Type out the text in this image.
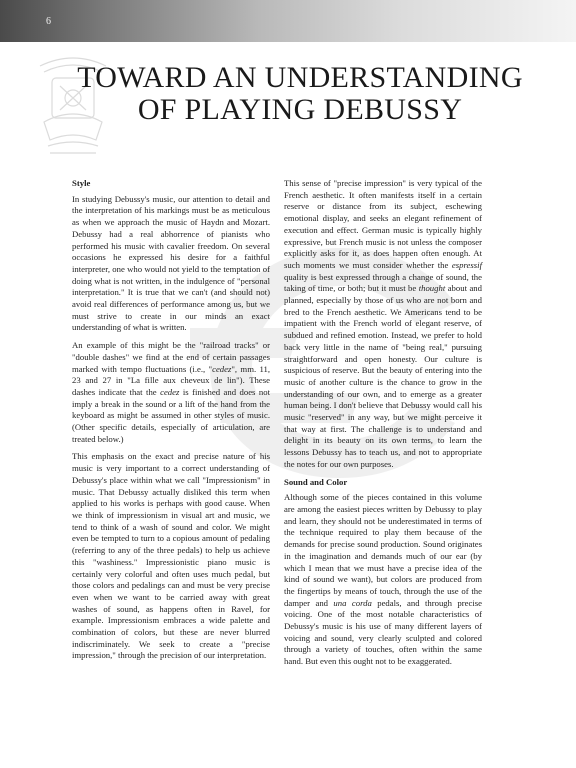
6
TOWARD AN UNDERSTANDING
OF PLAYING DEBUSSY
Style

In studying Debussy's music, our attention to detail and the interpretation of his markings must be as meticulous as when we approach the music of Haydn and Mozart. Debussy had a real abhorrence of pianists who performed his music with cavalier freedom. On several occasions he expressed his desire for a faithful interpreter, one who would not yield to the temptation of doing what is not written, in the indulgence of "personal interpretation." It is true that we can't (and should not) avoid real differences of performance among us, but we must strive to create in our minds an exact understanding of what is written.

An example of this might be the "railroad tracks" or "double dashes" we find at the end of certain passages marked with tempo fluctuations (i.e., "cedez", mm. 11, 23 and 27 in "La fille aux cheveux de lin"). These dashes indicate that the cedez is finished and does not imply a break in the sound or a lift of the hand from the keyboard as might be assumed in other styles of music. (Other specific details, especially of articulation, are treated below.)

This emphasis on the exact and precise nature of his music is very important to a correct understanding of Debussy's place within what we call "Impressionism" in music. That Debussy actually disliked this term when applied to his works is perhaps with good cause. When we think of impressionism in visual art and music, we tend to think of a wash of sound and color. We might even be tempted to turn to a copious amount of pedaling (referring to any of the three pedals) to help us achieve this "washiness." Impressionistic piano music is certainly very colorful and often uses much pedal, but those colors and pedalings can and must be very precise even when we want to be carried away with great washes of sound, as happens often in Ravel, for example. Impressionism embraces a wide palette and combination of colors, but these are never blurred indiscriminately. We seek to create a "precise impression," through the precision of our interpretation.

This sense of "precise impression" is very typical of the French aesthetic. It often manifests itself in a certain reserve or distance from its subject, eschewing emotional display, and seeks an elegant refinement of execution and effect. German music is typically highly expressive, but French music is not unless the composer explicitly asks for it, as does happen often enough. At such moments we must consider whether the espressif quality is best expressed through a change of sound, the taking of time, or both; but it must be thought about and planned, especially by those of us who are not born and bred to the French aesthetic. We Americans tend to be impatient with the French world of elegant reserve, of subdued and refined emotion. Instead, we prefer to hold back very little in the name of "being real," pursuing straightforward and open honesty. Our culture is suspicious of reserve. But the beauty of entering into the music of another culture is the chance to grow in the understanding of our own, and to emerge as a greater human being. I don't believe that Debussy would call his music "reserved" in any way, but we might perceive it that way at first. The challenge is to understand and delight in its beauty on its own terms, to learn the lessons Debussy has to teach us, and not to appropriate the notes for our own purposes.

Sound and Color

Although some of the pieces contained in this volume are among the easiest pieces written by Debussy to play and learn, they should not be underestimated in terms of the technique required to play them because of the demands for precise sound production. Sound originates in the imagination and demands much of our ear (by which I mean that we must have a precise idea of the kind of sound we want), but colors are produced from the fingertips by means of touch, through the use of the damper and una corda pedals, and through precise voicing. One of the most notable characteristics of Debussy's music is his use of many different layers of voicing and sound, very clearly sculpted and colored through a variety of touches, often within the same hand. But even this ought not to be exaggerated.
